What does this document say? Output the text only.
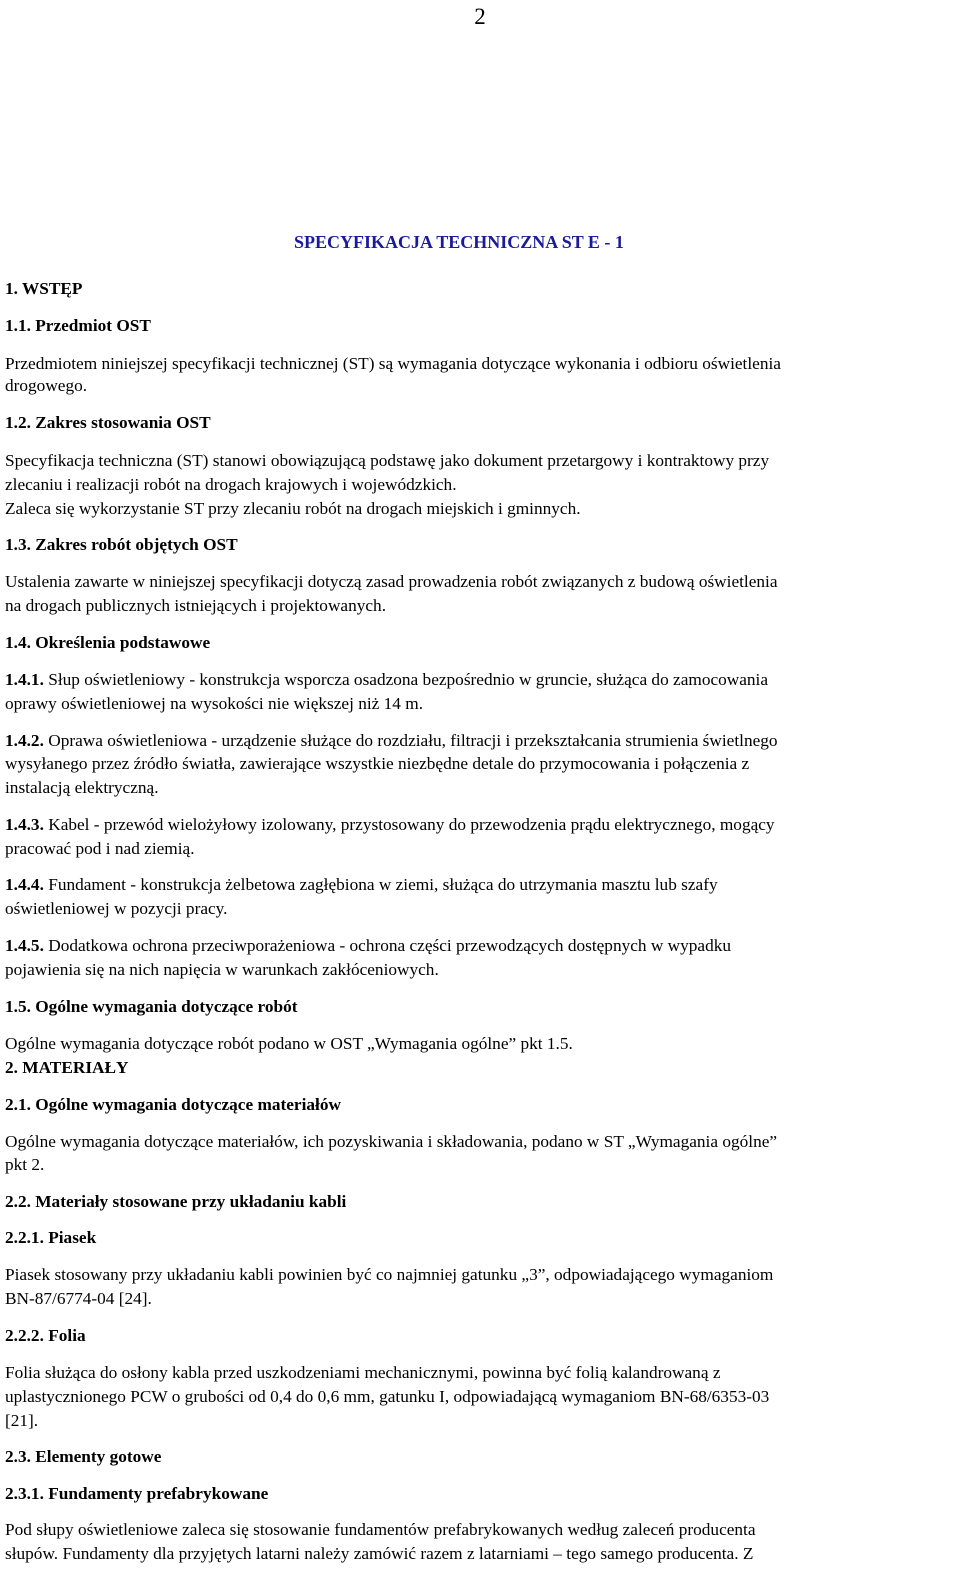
2
SPECYFIKACJA TECHNICZNA ST E - 1
1. WSTĘP
1.1. Przedmiot OST
Przedmiotem niniejszej specyfikacji technicznej (ST) są wymagania dotyczące wykonania i odbioru oświetlenia
drogowego.
1.2. Zakres stosowania OST
Specyfikacja techniczna (ST) stanowi obowiązującą podstawę jako dokument przetargowy i kontraktowy przy
zlecaniu i realizacji robót na drogach krajowych i wojewódzkich.
Zaleca się wykorzystanie ST przy zlecaniu robót na drogach miejskich i gminnych.
1.3. Zakres robót objętych OST
Ustalenia zawarte w niniejszej specyfikacji dotyczą zasad prowadzenia robót związanych z budową oświetlenia
na drogach publicznych istniejących i projektowanych.
1.4. Określenia podstawowe
1.4.1. Słup oświetleniowy - konstrukcja wsporcza osadzona bezpośrednio w gruncie, służąca do zamocowania
oprawy oświetleniowej na wysokości nie większej niż 14 m.
1.4.2. Oprawa oświetleniowa - urządzenie służące do rozdziału, filtracji i przekształcania strumienia świetlnego
wysyłanego przez źródło światła, zawierające wszystkie niezbędne detale do przymocowania i połączenia z
instalacją elektryczną.
1.4.3. Kabel - przewód wielożyłowy izolowany, przystosowany do przewodzenia prądu elektrycznego, mogący
pracować pod i nad ziemią.
1.4.4. Fundament - konstrukcja żelbetowa zagłębiona w ziemi, służąca do utrzymania masztu lub szafy
oświetleniowej w pozycji pracy.
1.4.5. Dodatkowa ochrona przeciwporażeniowa - ochrona części przewodzących dostępnych w wypadku
pojawienia się na nich napięcia w warunkach zakłóceniowych.
1.5. Ogólne wymagania dotyczące robót
Ogólne wymagania dotyczące robót podano w OST „Wymagania ogólne” pkt 1.5.
2. MATERIAŁY
2.1. Ogólne wymagania dotyczące materiałów
Ogólne wymagania dotyczące materiałów, ich pozyskiwania i składowania, podano w ST „Wymagania ogólne”
pkt 2.
2.2. Materiały stosowane przy układaniu kabli
2.2.1. Piasek
Piasek stosowany przy układaniu kabli powinien być co najmniej gatunku „3”, odpowiadającego wymaganiom
BN-87/6774-04 [24].
2.2.2. Folia
Folia służąca do osłony kabla przed uszkodzeniami mechanicznymi, powinna być folią kalandrowaną z
uplastycznionego PCW o grubości od 0,4 do 0,6 mm, gatunku I, odpowiadającą wymaganiom BN-68/6353-03
[21].
2.3. Elementy gotowe
2.3.1. Fundamenty prefabrykowane
Pod słupy oświetleniowe zaleca się stosowanie fundamentów prefabrykowanych według zaleceń producenta
słupów. Fundamenty dla przyjętych latarni należy zamówić razem z latarniami – tego samego producenta. Z
